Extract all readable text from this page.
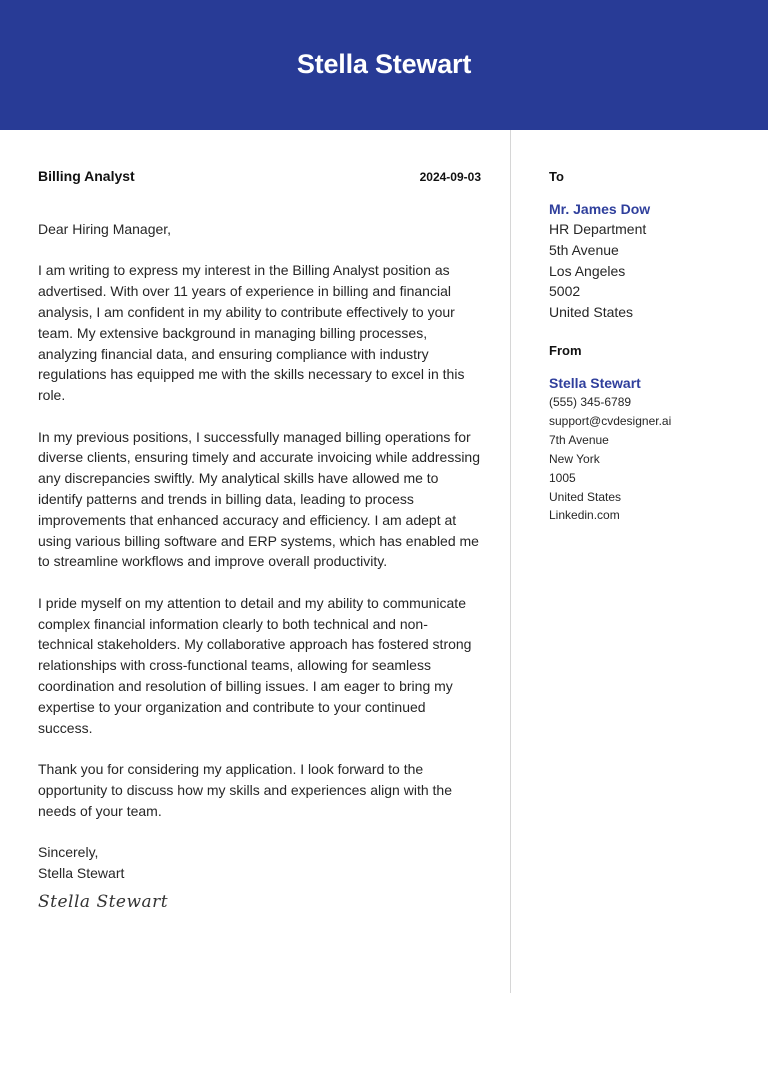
Stella Stewart
Billing Analyst	2024-09-03

Dear Hiring Manager,

I am writing to express my interest in the Billing Analyst position as advertised. With over 11 years of experience in billing and financial analysis, I am confident in my ability to contribute effectively to your team. My extensive background in managing billing processes, analyzing financial data, and ensuring compliance with industry regulations has equipped me with the skills necessary to excel in this role.

In my previous positions, I successfully managed billing operations for diverse clients, ensuring timely and accurate invoicing while addressing any discrepancies swiftly. My analytical skills have allowed me to identify patterns and trends in billing data, leading to process improvements that enhanced accuracy and efficiency. I am adept at using various billing software and ERP systems, which has enabled me to streamline workflows and improve overall productivity.

I pride myself on my attention to detail and my ability to communicate complex financial information clearly to both technical and non-technical stakeholders. My collaborative approach has fostered strong relationships with cross-functional teams, allowing for seamless coordination and resolution of billing issues. I am eager to bring my expertise to your organization and contribute to your continued success.

Thank you for considering my application. I look forward to the opportunity to discuss how my skills and experiences align with the needs of your team.

Sincerely,
Stella Stewart
Stella Stewart
To
Mr. James Dow
HR Department
5th Avenue
Los Angeles
5002
United States
From
Stella Stewart
(555) 345-6789
support@cvdesigner.ai
7th Avenue
New York
1005
United States
Linkedin.com
